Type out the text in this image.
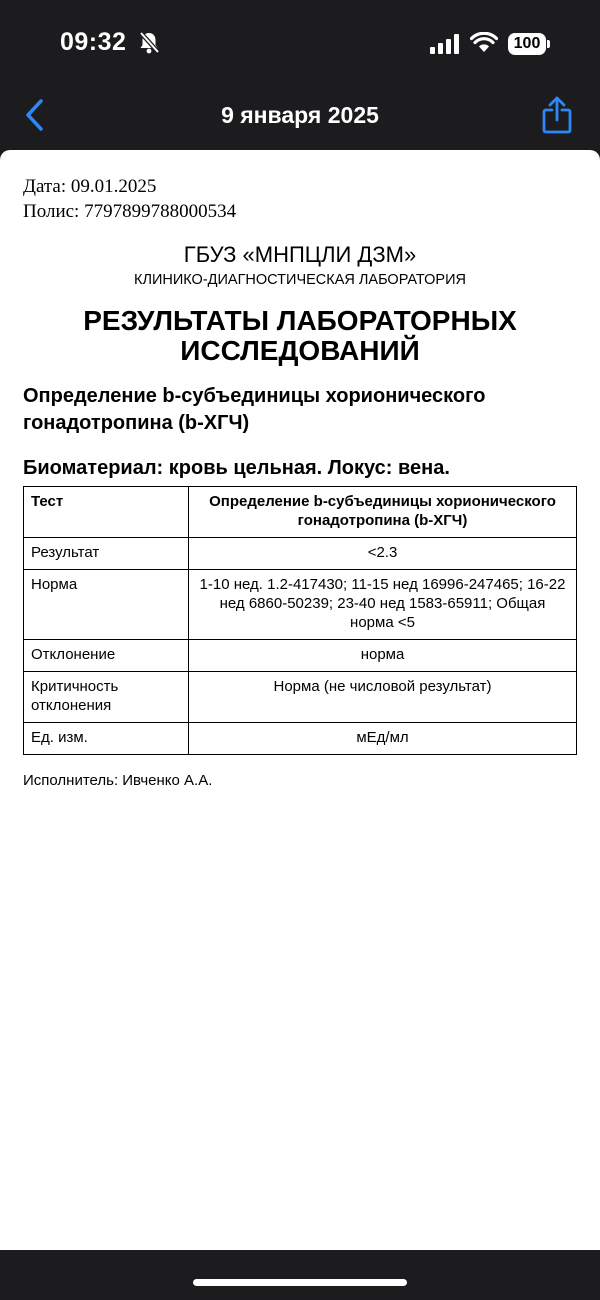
09:32	100
9 января 2025
Дата: 09.01.2025
Полис: 7797899788000534
ГБУЗ «МНПЦЛИ ДЗМ»
КЛИНИКО-ДИАГНОСТИЧЕСКАЯ ЛАБОРАТОРИЯ
РЕЗУЛЬТАТЫ ЛАБОРАТОРНЫХ
ИССЛЕДОВАНИЙ
Определение b-субъединицы хорионического гонадотропина (b-ХГЧ)
Биоматериал: кровь цельная. Локус: вена.
Тест	Определение b-субъединицы хорионического гонадотропина (b-ХГЧ)
Результат	<2.3
Норма	1-10 нед. 1.2-417430; 11-15 нед 16996-247465; 16-22 нед 6860-50239; 23-40 нед 1583-65911; Общая норма <5
Отклонение	норма
Критичность отклонения	Норма (не числовой результат)
Ед. изм.	мЕд/мл
Исполнитель: Ивченко А.А.
